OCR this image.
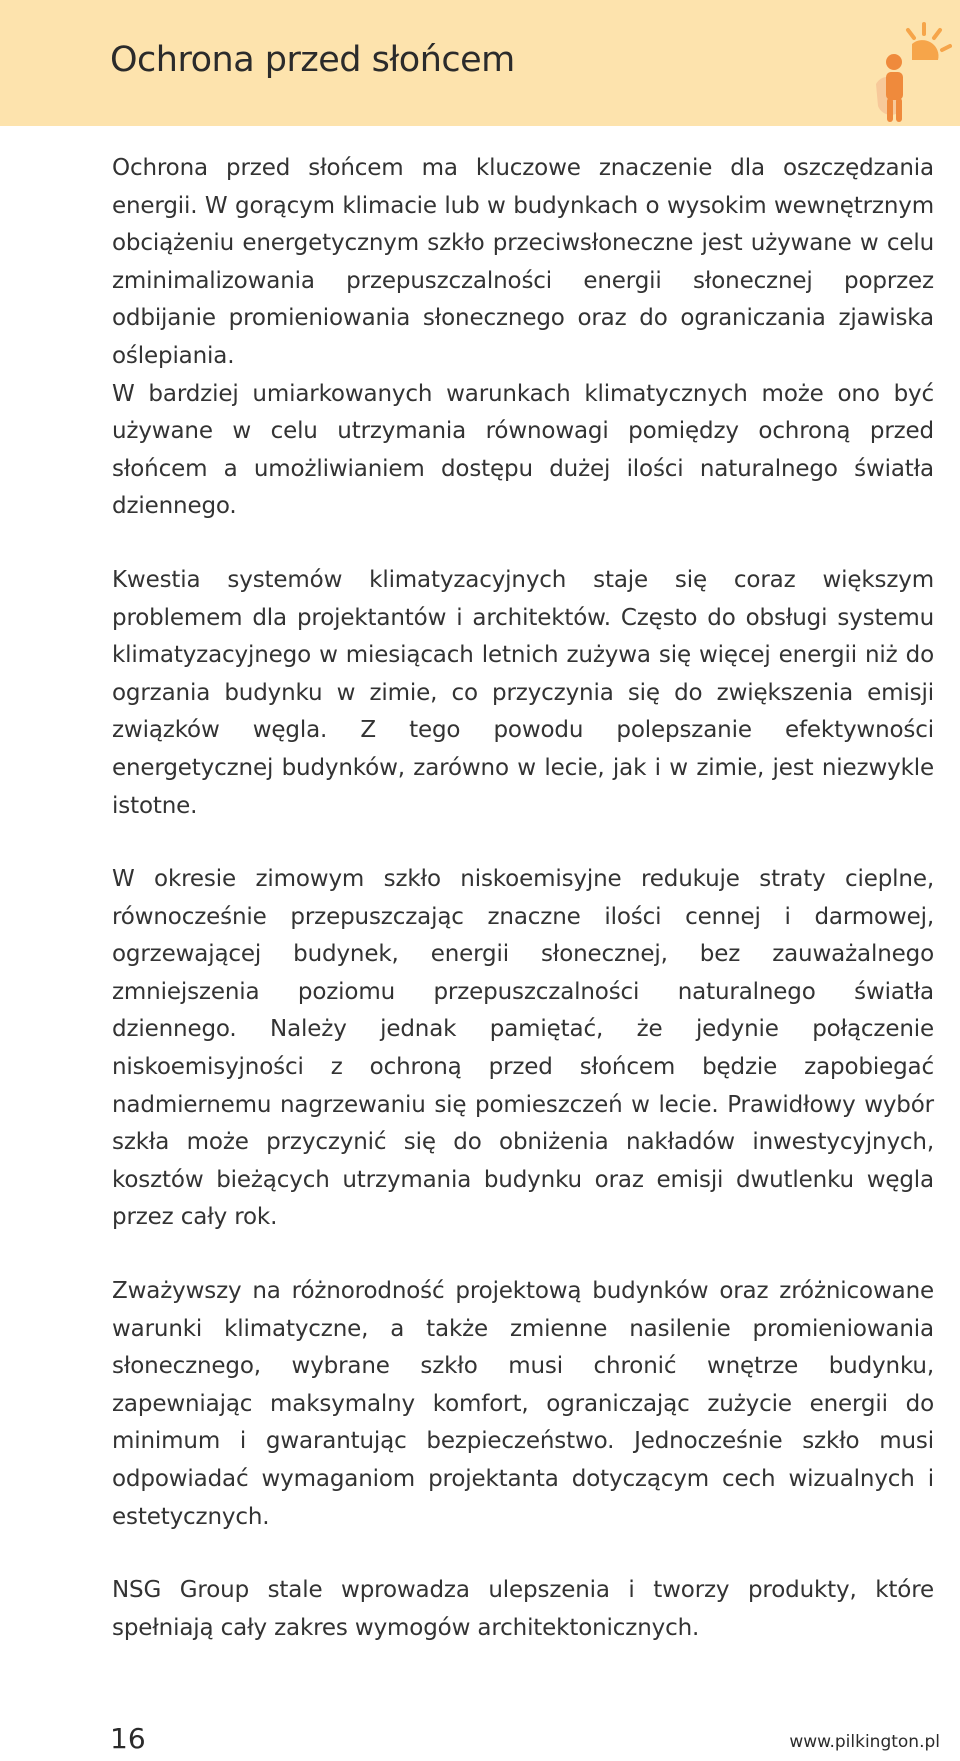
Ochrona przed słońcem

Ochrona przed słońcem ma kluczowe znaczenie dla oszczędzania energii. W gorącym klimacie lub w budynkach o wysokim wewnętrznym obciążeniu energetycznym szkło przeciwsłoneczne jest używane w celu zminimalizowania przepuszczalności energii słonecznej poprzez odbijanie promieniowania słonecznego oraz do ograniczania zjawiska oślepiania.

W bardziej umiarkowanych warunkach klimatycznych może ono być używane w celu utrzymania równowagi pomiędzy ochroną przed słońcem a umożliwianiem dostępu dużej ilości naturalnego światła dziennego.

Kwestia systemów klimatyzacyjnych staje się coraz większym problemem dla projektantów i architektów. Często do obsługi systemu klimatyzacyjnego w miesiącach letnich zużywa się więcej energii niż do ogrzania budynku w zimie, co przyczynia się do zwiększenia emisji związków węgla. Z tego powodu polepszanie efektywności energetycznej budynków, zarówno w lecie, jak i w zimie, jest niezwykle istotne.

W okresie zimowym szkło niskoemisyjne redukuje straty cieplne, równocześnie przepuszczając znaczne ilości cennej i darmowej, ogrzewającej budynek, energii słonecznej, bez zauważalnego zmniejszenia poziomu przepuszczalności naturalnego światła dziennego. Należy jednak pamiętać, że jedynie połączenie niskoemisyjności z ochroną przed słońcem będzie zapobiegać nadmiernemu nagrzewaniu się pomieszczeń w lecie. Prawidłowy wybór szkła może przyczynić się do obniżenia nakładów inwestycyjnych, kosztów bieżących utrzymania budynku oraz emisji dwutlenku węgla przez cały rok.

Zważywszy na różnorodność projektową budynków oraz zróżnicowane warunki klimatyczne, a także zmienne nasilenie promieniowania słonecznego, wybrane szkło musi chronić wnętrze budynku, zapewniając maksymalny komfort, ograniczając zużycie energii do minimum i gwarantując bezpieczeństwo. Jednocześnie szkło musi odpowiadać wymaganiom projektanta dotyczącym cech wizualnych i estetycznych.

NSG Group stale wprowadza ulepszenia i tworzy produkty, które spełniają cały zakres wymogów architektonicznych.

16	www.pilkington.pl
